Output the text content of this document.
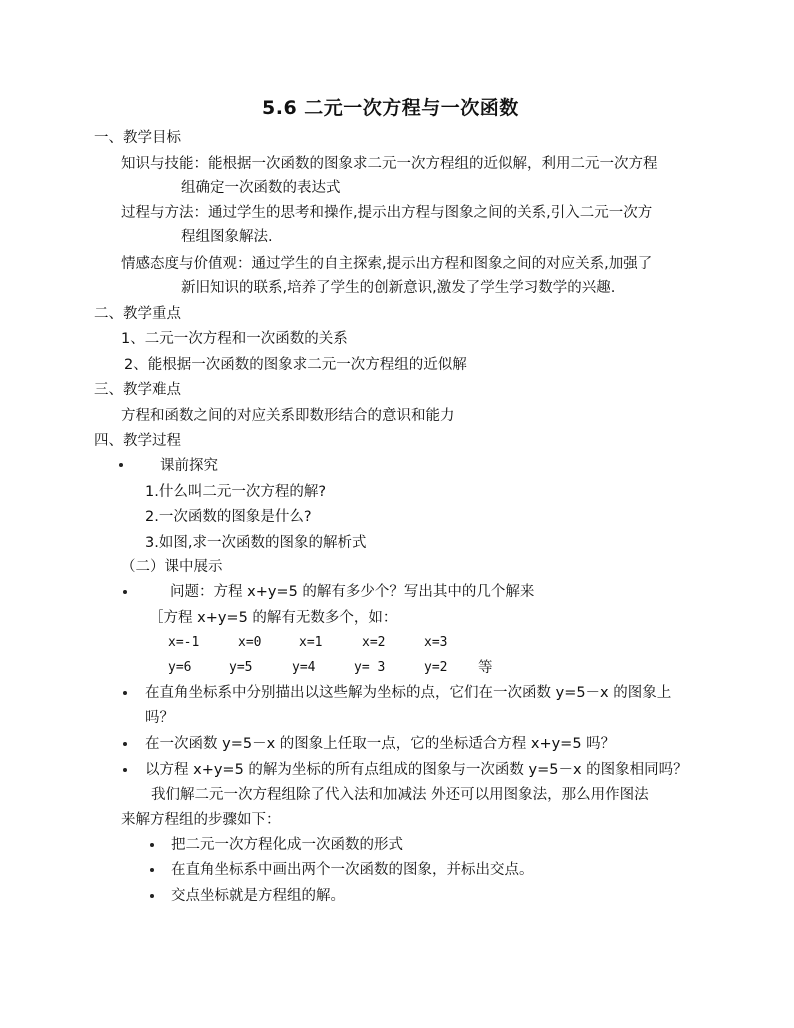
5.6 二元一次方程与一次函数
一、教学目标
知识与技能：能根据一次函数的图象求二元一次方程组的近似解，利用二元一次方程
组确定一次函数的表达式
过程与方法：通过学生的思考和操作,提示出方程与图象之间的关系,引入二元一次方
程组图象解法.
情感态度与价值观：通过学生的自主探索,提示出方程和图象之间的对应关系,加强了
新旧知识的联系,培养了学生的创新意识,激发了学生学习数学的兴趣.
二、教学重点
1、二元一次方程和一次函数的关系
2、能根据一次函数的图象求二元一次方程组的近似解
三、教学难点
方程和函数之间的对应关系即数形结合的意识和能力
四、教学过程
课前探究
1.什么叫二元一次方程的解?
2.一次函数的图象是什么?
3.如图,求一次函数的图象的解析式
（二）课中展示
问题：方程 x+y=5 的解有多少个？写出其中的几个解来
［方程 x+y=5 的解有无数多个，如：
x=-1	x=0	x=1	x=2	x=3
y=6	y=5	y=4	y= 3	y=2 等
在直角坐标系中分别描出以这些解为坐标的点，它们在一次函数 y=5－x 的图象上
吗？
在一次函数 y=5－x 的图象上任取一点，它的坐标适合方程 x+y=5 吗？
以方程 x+y=5 的解为坐标的所有点组成的图象与一次函数 y=5－x 的图象相同吗？
我们解二元一次方程组除了代入法和加减法 外还可以用图象法，那么用作图法
来解方程组的步骤如下：
把二元一次方程化成一次函数的形式
在直角坐标系中画出两个一次函数的图象，并标出交点。
交点坐标就是方程组的解。
